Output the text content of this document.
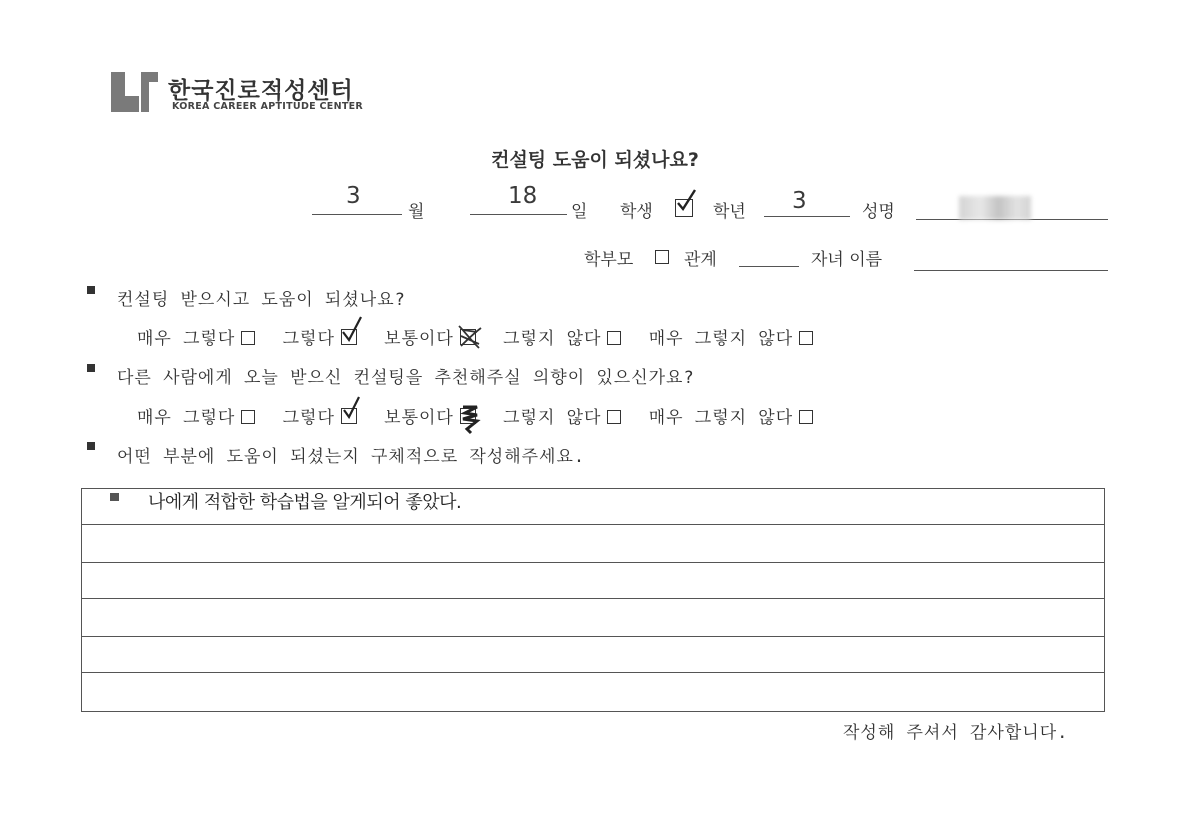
한국진로적성센터
KOREA CAREER APTITUDE CENTER
컨설팅 도움이 되셨나요?
3
월
18
일 학생	학년 3	성명
학부모	관계	자녀 이름
컨설팅 받으시고 도움이 되셨나요?
매우 그렇다	그렇다	보통이다	그렇지 않다	매우 그렇지 않다
다른 사람에게 오늘 받으신 컨설팅을 추천해주실 의향이 있으신가요?
매우 그렇다	그렇다	보통이다	그렇지 않다	매우 그렇지 않다
어떤 부분에 도움이 되셨는지 구체적으로 작성해주세요.
나에게 적합한 학습법을 알게되어 좋았다.
작성해 주셔서 감사합니다.
